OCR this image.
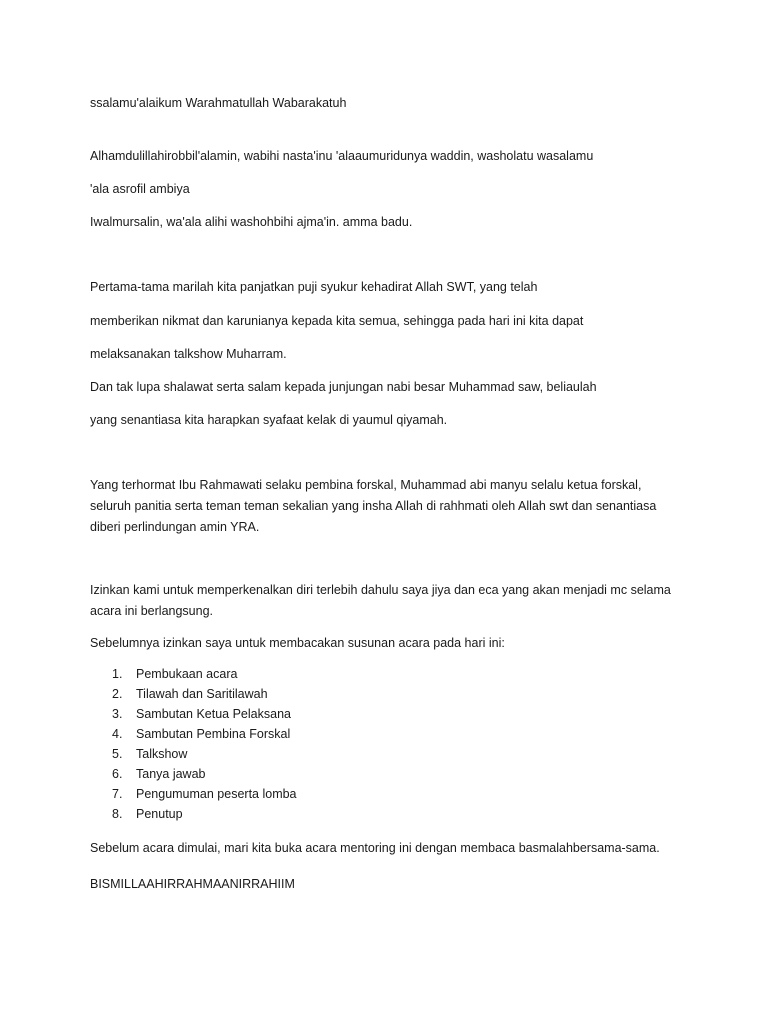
ssalamu'alaikum Warahmatullah Wabarakatuh

Alhamdulillahirobbil'alamin, wabihi nasta'inu 'alaaumuridunya waddin, washolatu wasalamu

'ala asrofil ambiya

Iwalmursalin, wa'ala alihi washohbihi ajma'in. amma badu.

Pertama-tama marilah kita panjatkan puji syukur kehadirat Allah SWT, yang telah

memberikan nikmat dan karunianya kepada kita semua, sehingga pada hari ini kita dapat

melaksanakan talkshow Muharram.

Dan tak lupa shalawat serta salam kepada junjungan nabi besar Muhammad saw, beliaulah

yang senantiasa kita harapkan syafaat kelak di yaumul qiyamah.

Yang terhormat Ibu Rahmawati selaku pembina forskal, Muhammad abi manyu selalu ketua forskal, seluruh panitia serta teman teman sekalian yang insha Allah di rahhmati oleh Allah swt dan senantiasa diberi perlindungan amin YRA.

Izinkan kami untuk memperkenalkan diri terlebih dahulu saya jiya dan eca yang akan menjadi mc selama acara ini berlangsung.

Sebelumnya izinkan saya untuk membacakan susunan acara pada hari ini:

1. Pembukaan acara
2. Tilawah dan Saritilawah
3. Sambutan Ketua Pelaksana
4. Sambutan Pembina Forskal
5. Talkshow
6. Tanya jawab
7. Pengumuman peserta lomba
8. Penutup

Sebelum acara dimulai, mari kita buka acara mentoring ini dengan membaca basmalahbersama-sama.

BISMILLAAHIRRAHMAANIRRAHIIM
